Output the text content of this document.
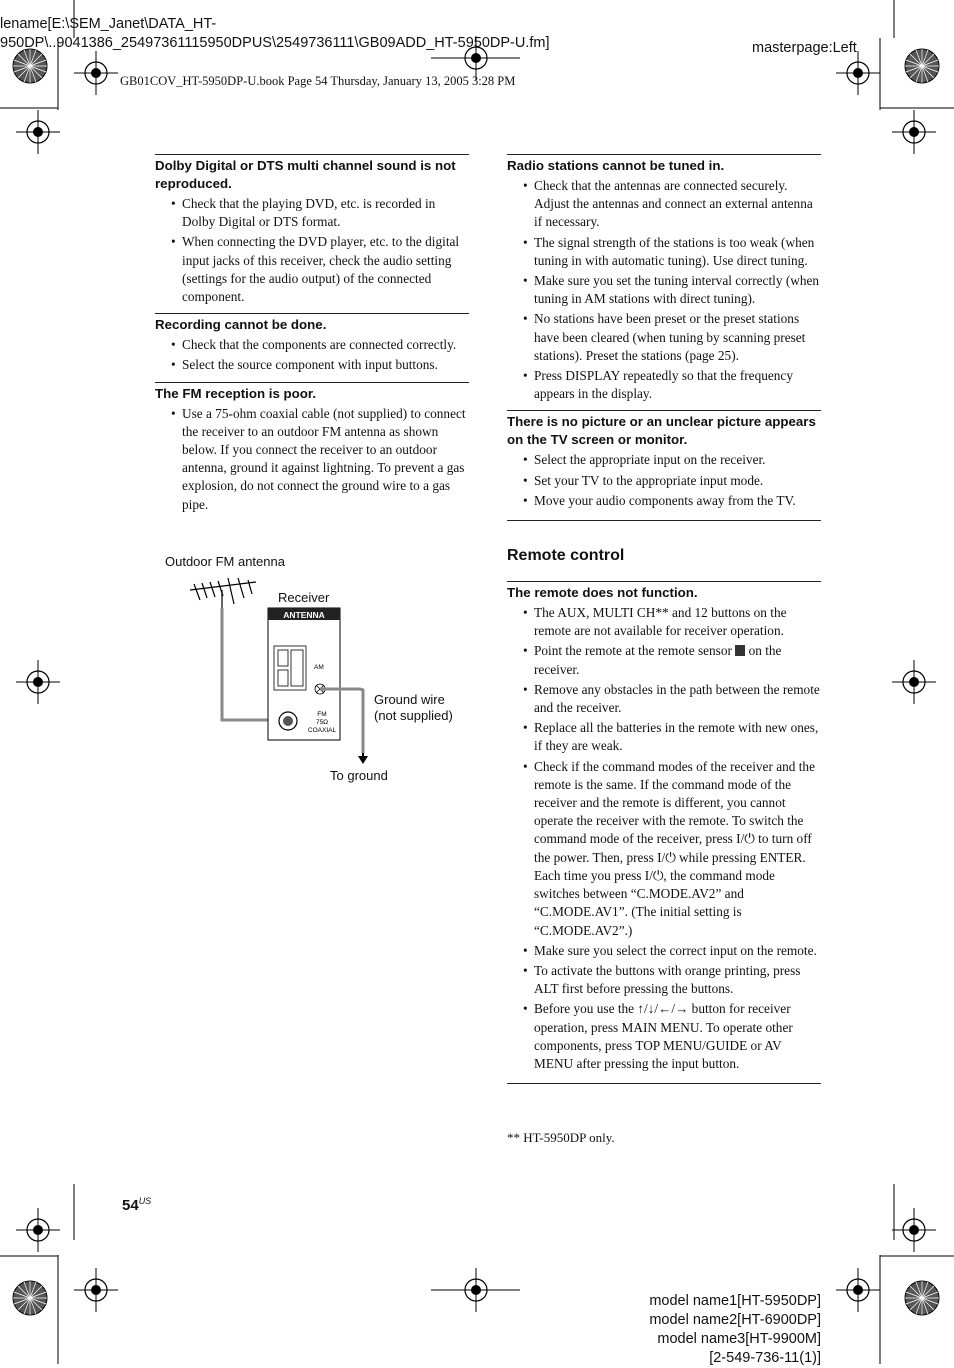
lename[E:\SEM_Janet\DATA_HT-
950DP\..9041386_25497361115950DPUS\2549736111\GB09ADD_HT-5950DP-U.fm]	masterpage:Left
GB01COV_HT-5950DP-U.book Page 54 Thursday, January 13, 2005 3:28 PM
Dolby Digital or DTS multi channel sound is not reproduced.
• Check that the playing DVD, etc. is recorded in Dolby Digital or DTS format.
• When connecting the DVD player, etc. to the digital input jacks of this receiver, check the audio setting (settings for the audio output) of the connected component.
Recording cannot be done.
• Check that the components are connected correctly.
• Select the source component with input buttons.
The FM reception is poor.
• Use a 75-ohm coaxial cable (not supplied) to connect the receiver to an outdoor FM antenna as shown below. If you connect the receiver to an outdoor antenna, ground it against lightning. To prevent a gas explosion, do not connect the ground wire to a gas pipe.
Outdoor FM antenna
Receiver
Ground wire
(not supplied)
To ground
ANTENNA
AM
FM
75Ω
COAXIAL
Radio stations cannot be tuned in.
• Check that the antennas are connected securely. Adjust the antennas and connect an external antenna if necessary.
• The signal strength of the stations is too weak (when tuning in with automatic tuning). Use direct tuning.
• Make sure you set the tuning interval correctly (when tuning in AM stations with direct tuning).
• No stations have been preset or the preset stations have been cleared (when tuning by scanning preset stations). Preset the stations (page 25).
• Press DISPLAY repeatedly so that the frequency appears in the display.
There is no picture or an unclear picture appears on the TV screen or monitor.
• Select the appropriate input on the receiver.
• Set your TV to the appropriate input mode.
• Move your audio components away from the TV.
Remote control
The remote does not function.
• The AUX, MULTI CH** and 12 buttons on the remote are not available for receiver operation.
• Point the remote at the remote sensor  on the receiver.
• Remove any obstacles in the path between the remote and the receiver.
• Replace all the batteries in the remote with new ones, if they are weak.
• Check if the command modes of the receiver and the remote is the same. If the command mode of the receiver and the remote is different, you cannot operate the receiver with the remote. To switch the command mode of the receiver, press I/⏻ to turn off the power. Then, press I/⏻ while pressing ENTER. Each time you press I/⏻, the command mode switches between “C.MODE.AV2” and “C.MODE.AV1”. (The initial setting is “C.MODE.AV2”.)
• Make sure you select the correct input on the remote.
• To activate the buttons with orange printing, press ALT first before pressing the buttons.
• Before you use the ↑/↓/←/→ button for receiver operation, press MAIN MENU. To operate other components, press TOP MENU/GUIDE or AV MENU after pressing the input button.
** HT-5950DP only.
$54^{US}$
model name1[HT-5950DP]
model name2[HT-6900DP]
model name3[HT-9900M]
[2-549-736-11(1)]
